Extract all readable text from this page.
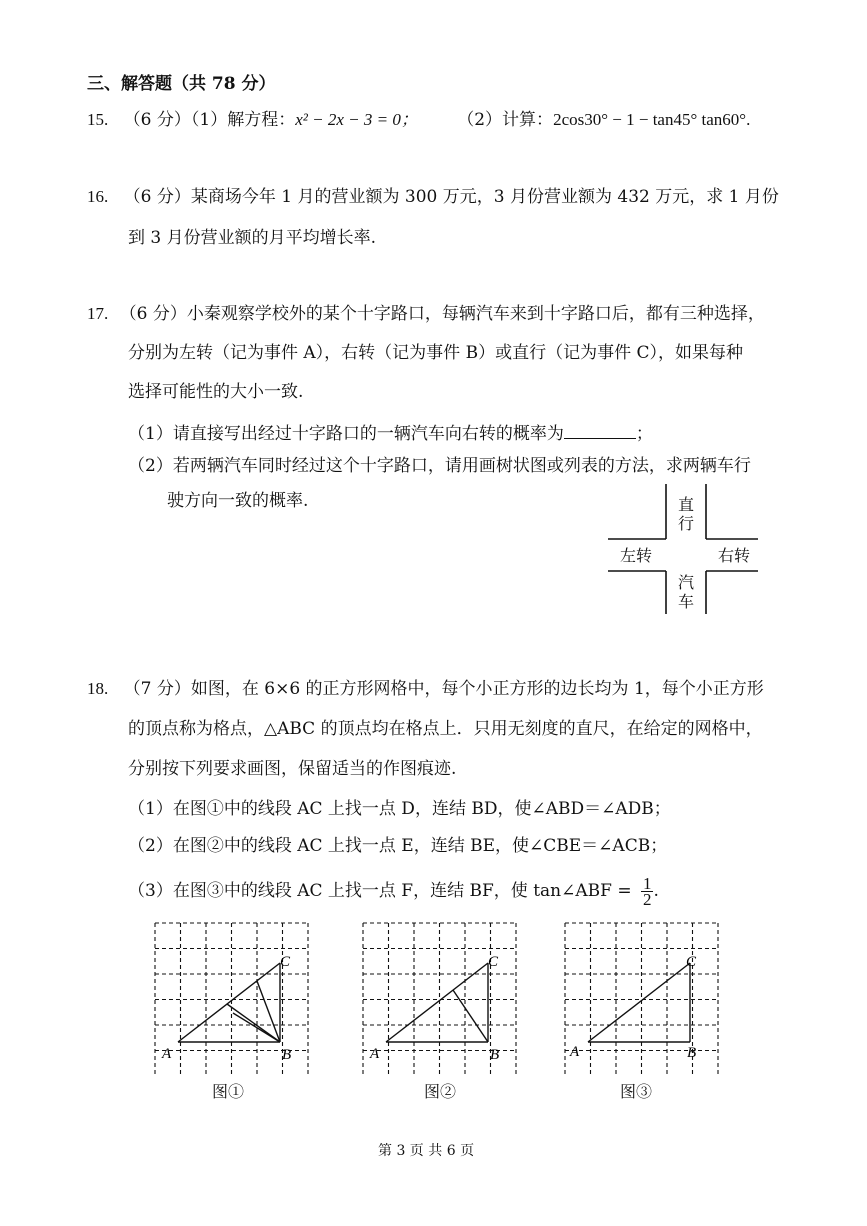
三、解答题（共 78 分）
15. （6 分）（1）解方程：x² − 2x − 3 = 0； （2）计算：2cos30° − 1 − tan45° tan60°.
16. （6 分）某商场今年 1 月的营业额为 300 万元，3 月份营业额为 432 万元，求 1 月份
到 3 月份营业额的月平均增长率.
17. （6 分）小秦观察学校外的某个十字路口，每辆汽车来到十字路口后，都有三种选择，
分别为左转（记为事件 A），右转（记为事件 B）或直行（记为事件 C），如果每种
选择可能性的大小一致.
（1）请直接写出经过十字路口的一辆汽车向右转的概率为	；
（2）若两辆汽车同时经过这个十字路口，请用画树状图或列表的方法，求两辆车行
驶方向一致的概率.	直
行
左转	右转
汽
车
18. （7 分）如图，在 6×6 的正方形网格中，每个小正方形的边长均为 1，每个小正方形
的顶点称为格点，△ABC 的顶点均在格点上．只用无刻度的直尺，在给定的网格中，
分别按下列要求画图，保留适当的作图痕迹.
（1）在图①中的线段 AC 上找一点 D，连结 BD，使∠ABD＝∠ADB；
（2）在图②中的线段 AC 上找一点 E，连结 BE，使∠CBE＝∠ACB；
（3）在图③中的线段 AC 上找一点 F，连结 BF，使 tan∠ABF = $\frac{1}{2}$ .
A	B
C
A	B
C
A	B
C
图①	图②	图③
第 3 页 共 6 页
